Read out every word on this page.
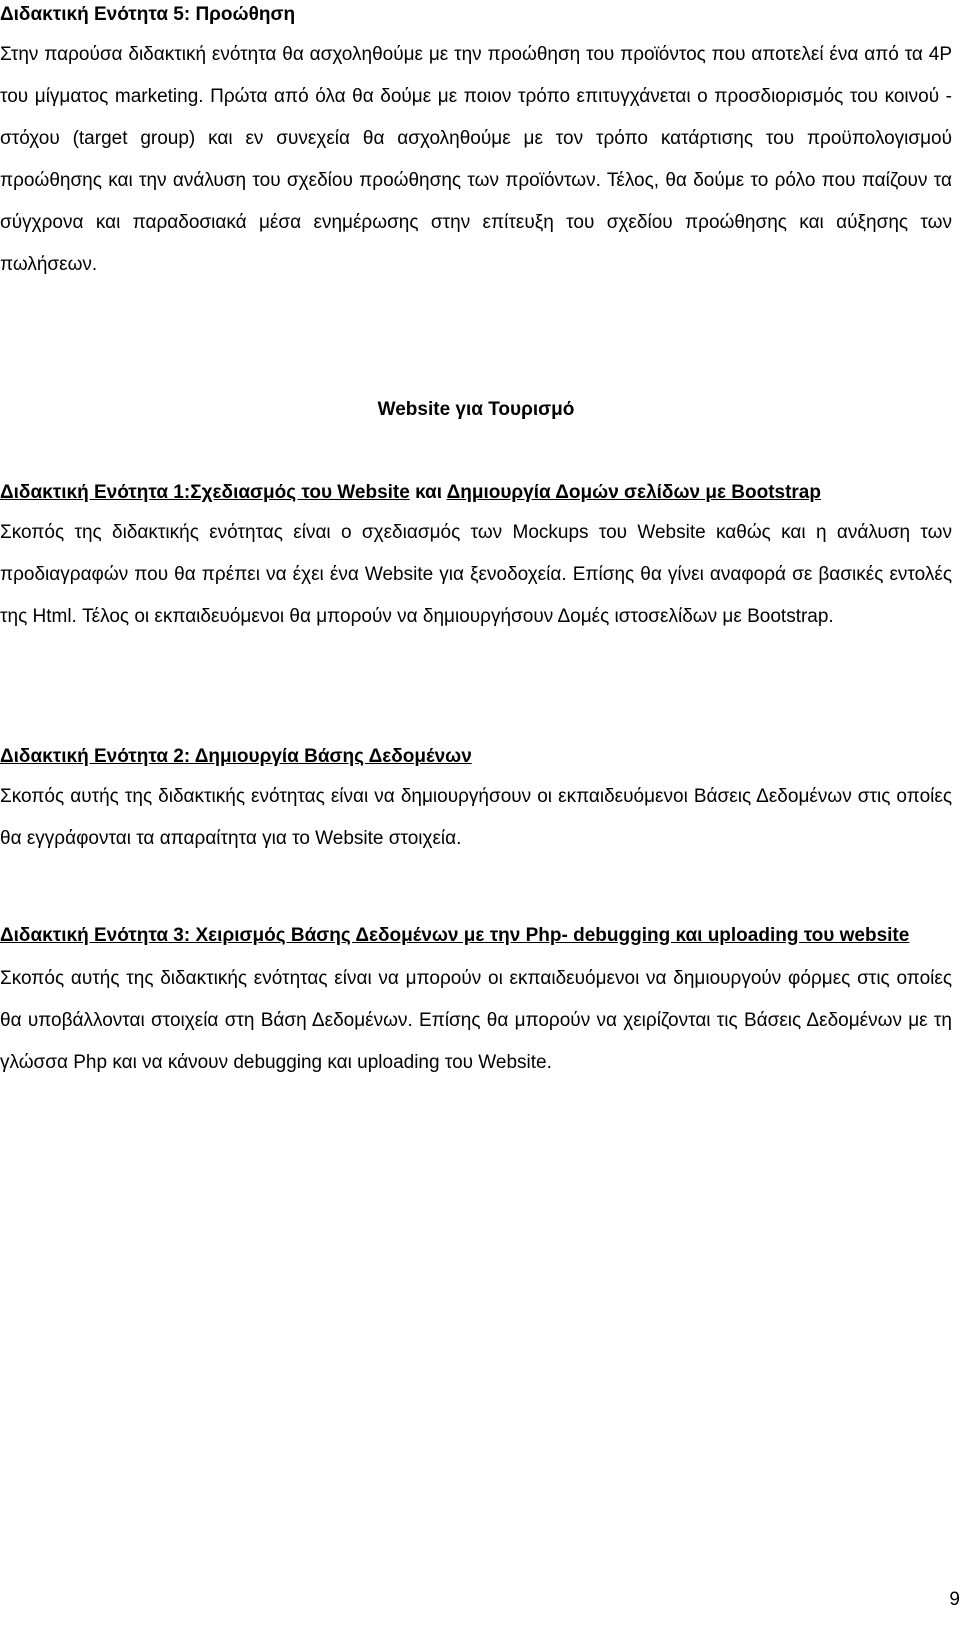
Διδακτική Ενότητα 5: Προώθηση

Στην παρούσα διδακτική ενότητα θα ασχοληθούμε με την προώθηση του προϊόντος που αποτελεί ένα από τα 4P του μίγματος marketing. Πρώτα από όλα θα δούμε με ποιον τρόπο επιτυγχάνεται ο προσδιορισμός του κοινού - στόχου (target group) και εν συνεχεία θα ασχοληθούμε με τον τρόπο κατάρτισης του προϋπολογισμού προώθησης και την ανάλυση του σχεδίου προώθησης των προϊόντων. Τέλος, θα δούμε το ρόλο που παίζουν τα σύγχρονα και παραδοσιακά μέσα ενημέρωσης στην επίτευξη του σχεδίου προώθησης και αύξησης των πωλήσεων.

Website για Τουρισμό

Διδακτική Ενότητα 1:Σχεδιασμός του Website και Δημιουργία Δομών σελίδων με Bootstrap

Σκοπός της διδακτικής ενότητας είναι ο σχεδιασμός των Mockups του Website καθώς και η ανάλυση των προδιαγραφών που θα πρέπει να έχει ένα Website για ξενοδοχεία. Επίσης θα γίνει αναφορά σε βασικές εντολές της Html. Τέλος οι εκπαιδευόμενοι θα μπορούν να δημιουργήσουν Δομές ιστοσελίδων με Bootstrap.

Διδακτική Ενότητα 2: Δημιουργία Βάσης Δεδομένων

Σκοπός αυτής της διδακτικής ενότητας είναι να δημιουργήσουν οι εκπαιδευόμενοι Βάσεις Δεδομένων στις οποίες θα εγγράφονται τα απαραίτητα για το Website στοιχεία.

Διδακτική Ενότητα 3: Χειρισμός Βάσης Δεδομένων με την Php- debugging και uploading του website

Σκοπός αυτής της διδακτικής ενότητας είναι να μπορούν οι εκπαιδευόμενοι να δημιουργούν φόρμες στις οποίες θα υποβάλλονται στοιχεία στη Βάση Δεδομένων. Επίσης θα μπορούν να χειρίζονται τις Βάσεις Δεδομένων με τη γλώσσα Php και να κάνουν debugging και uploading του Website.

9
